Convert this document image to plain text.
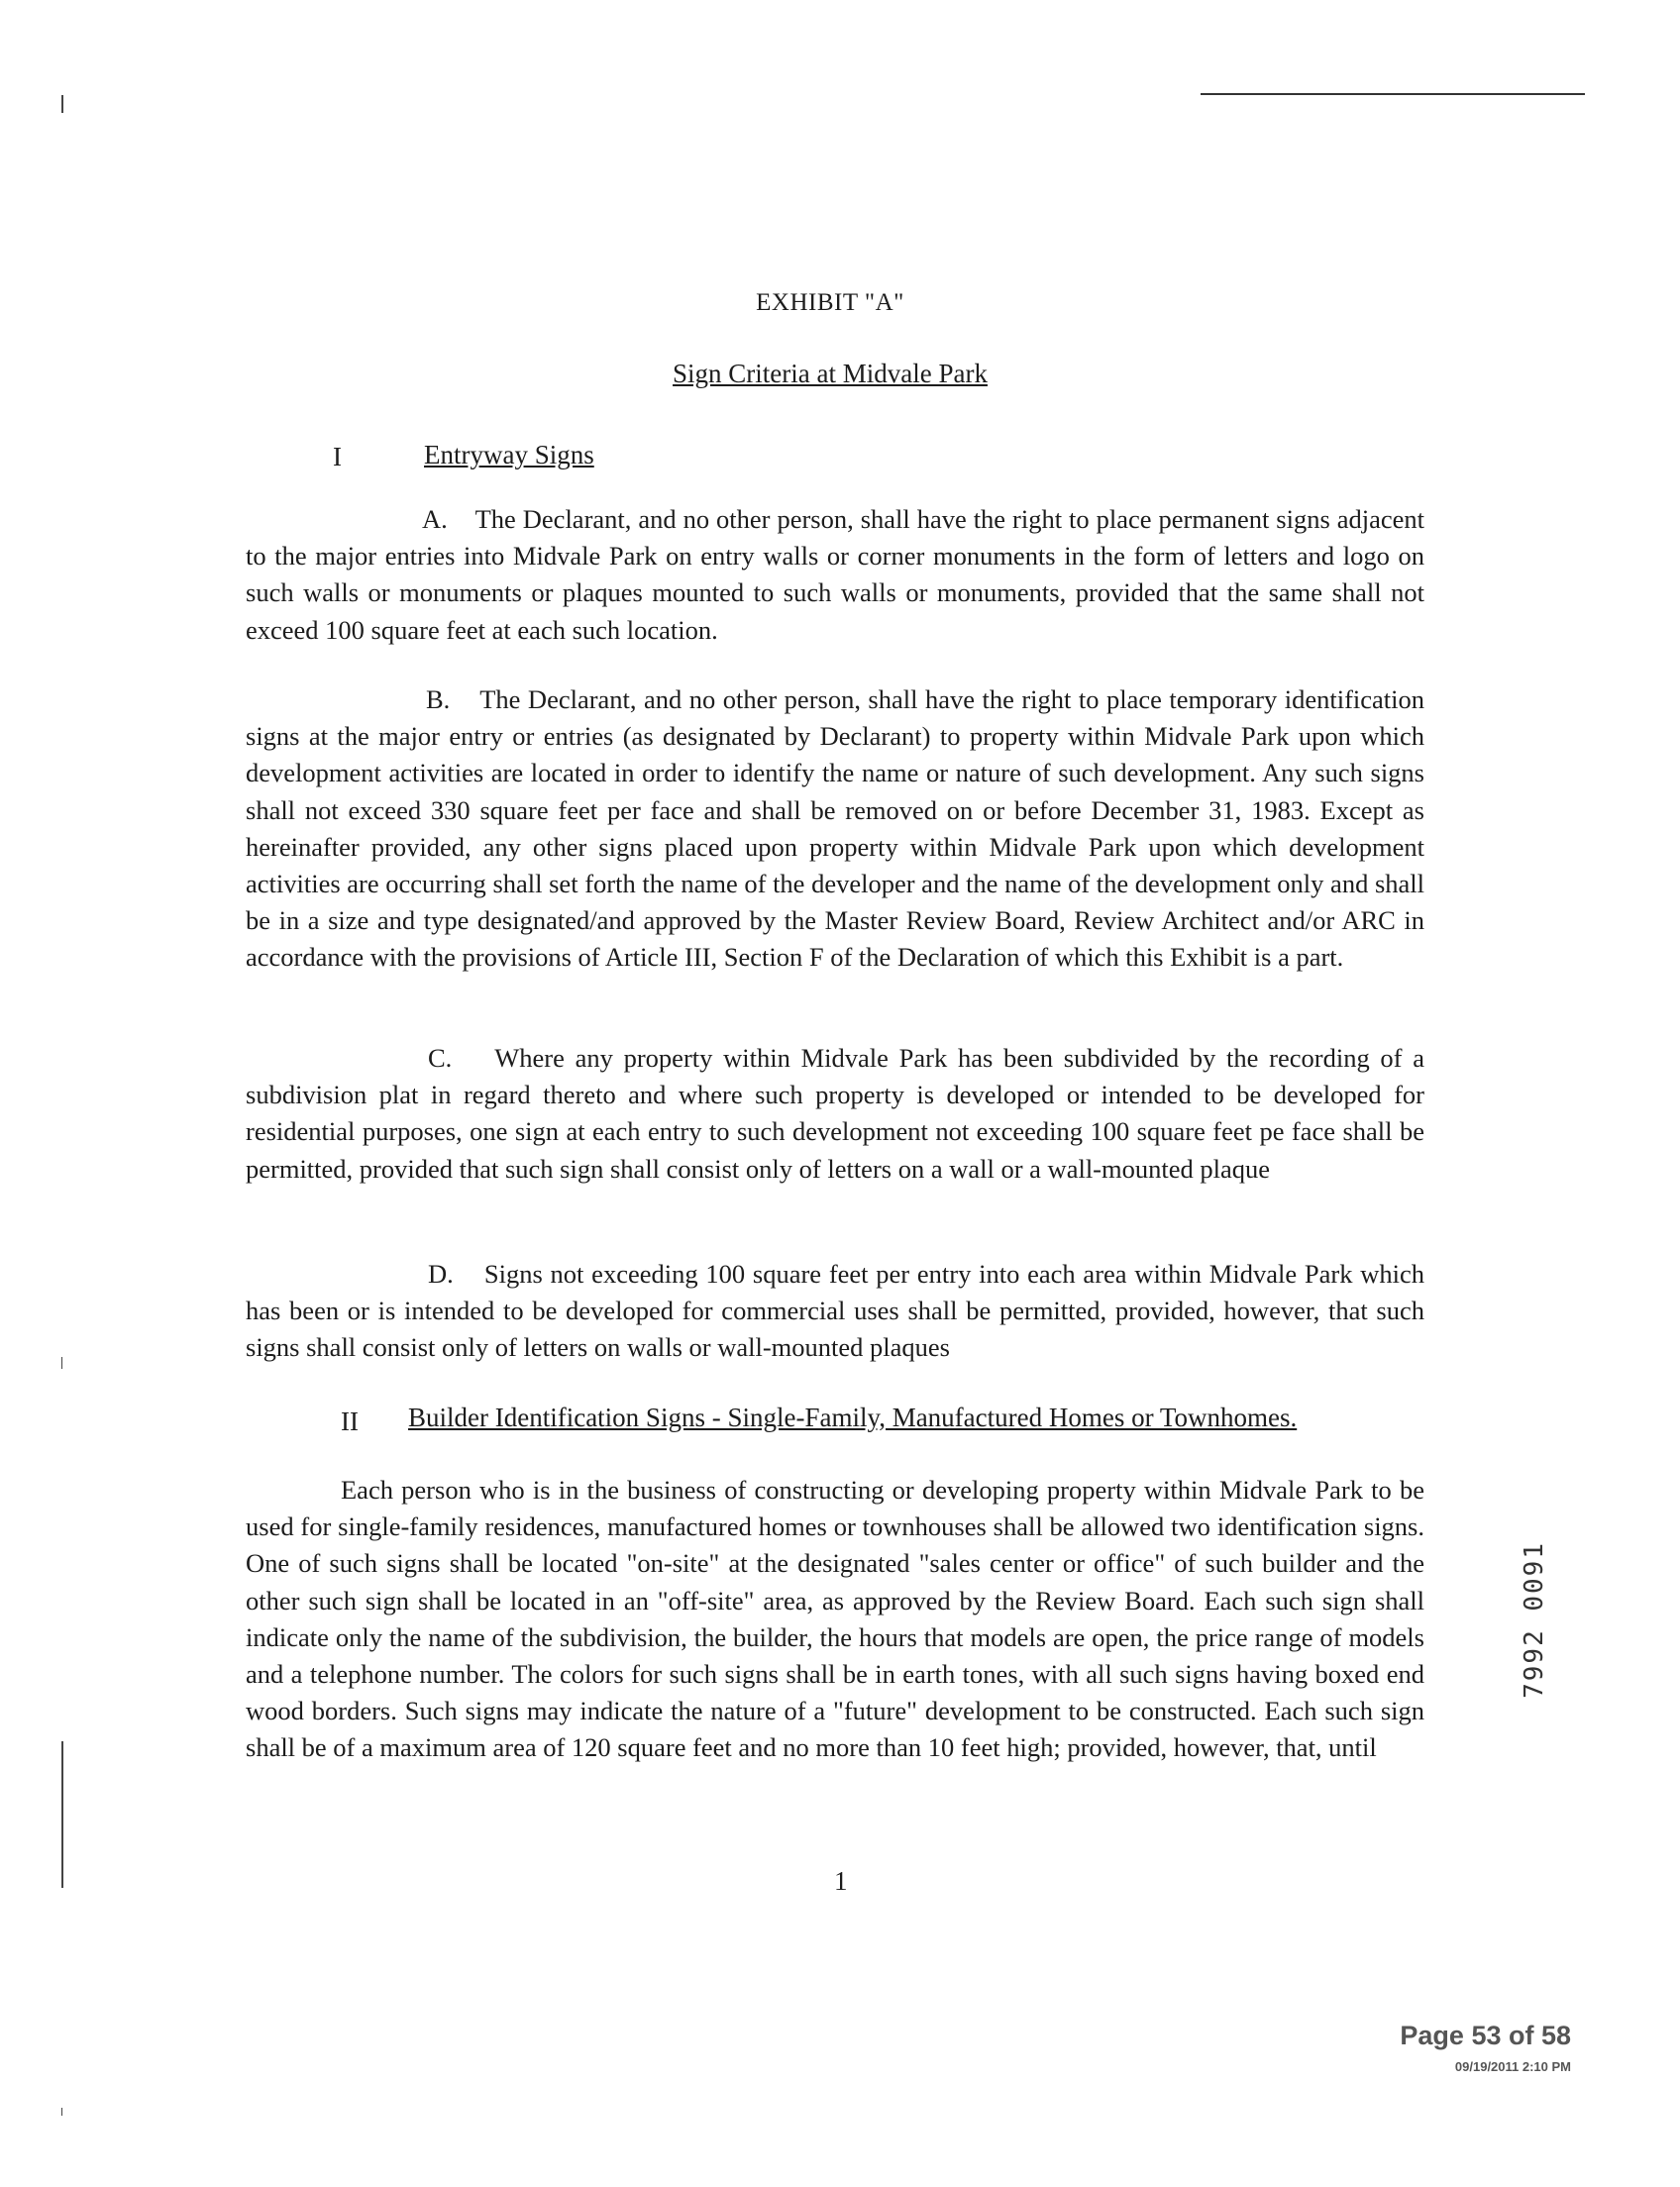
EXHIBIT "A"
Sign Criteria at Midvale Park
I	Entryway Signs

A. The Declarant, and no other person, shall have the right to place permanent signs adjacent to the major entries into Midvale Park on entry walls or corner monuments in the form of letters and logo on such walls or monuments or plaques mounted to such walls or monuments, provided that the same shall not exceed 100 square feet at each such location.

B. The Declarant, and no other person, shall have the right to place temporary identification signs at the major entry or entries (as designated by Declarant) to property within Midvale Park upon which development activities are located in order to identify the name or nature of such development. Any such signs shall not exceed 330 square feet per face and shall be removed on or before December 31, 1983. Except as hereinafter provided, any other signs placed upon property within Midvale Park upon which development activities are occurring shall set forth the name of the developer and the name of the development only and shall be in a size and type designated/and approved by the Master Review Board, Review Architect and/or ARC in accordance with the provisions of Article III, Section F of the Declaration of which this Exhibit is a part.

C. Where any property within Midvale Park has been subdivided by the recording of a subdivision plat in regard thereto and where such property is developed or intended to be developed for residential purposes, one sign at each entry to such development not exceeding 100 square feet pe face shall be permitted, provided that such sign shall consist only of letters on a wall or a wall-mounted plaque

D. Signs not exceeding 100 square feet per entry into each area within Midvale Park which has been or is intended to be developed for commercial uses shall be permitted, provided, however, that such signs shall consist only of letters on walls or wall-mounted plaques

II Builder Identification Signs - Single-Family, Manufactured Homes or Townhomes.

Each person who is in the business of constructing or developing property within Midvale Park to be used for single-family residences, manufactured homes or townhouses shall be allowed two identification signs. One of such signs shall be located "on-site" at the designated "sales center or office" of such builder and the other such sign shall be located in an "off-site" area, as approved by the Review Board. Each such sign shall indicate only the name of the subdivision, the builder, the hours that models are open, the price range of models and a telephone number. The colors for such signs shall be in earth tones, with all such signs having boxed end wood borders. Such signs may indicate the nature of a "future" development to be constructed. Each such sign shall be of a maximum area of 120 square feet and no more than 10 feet high; provided, however, that, until

1
7992 0091
Page 53 of 58
09/19/2011 2:10 PM
